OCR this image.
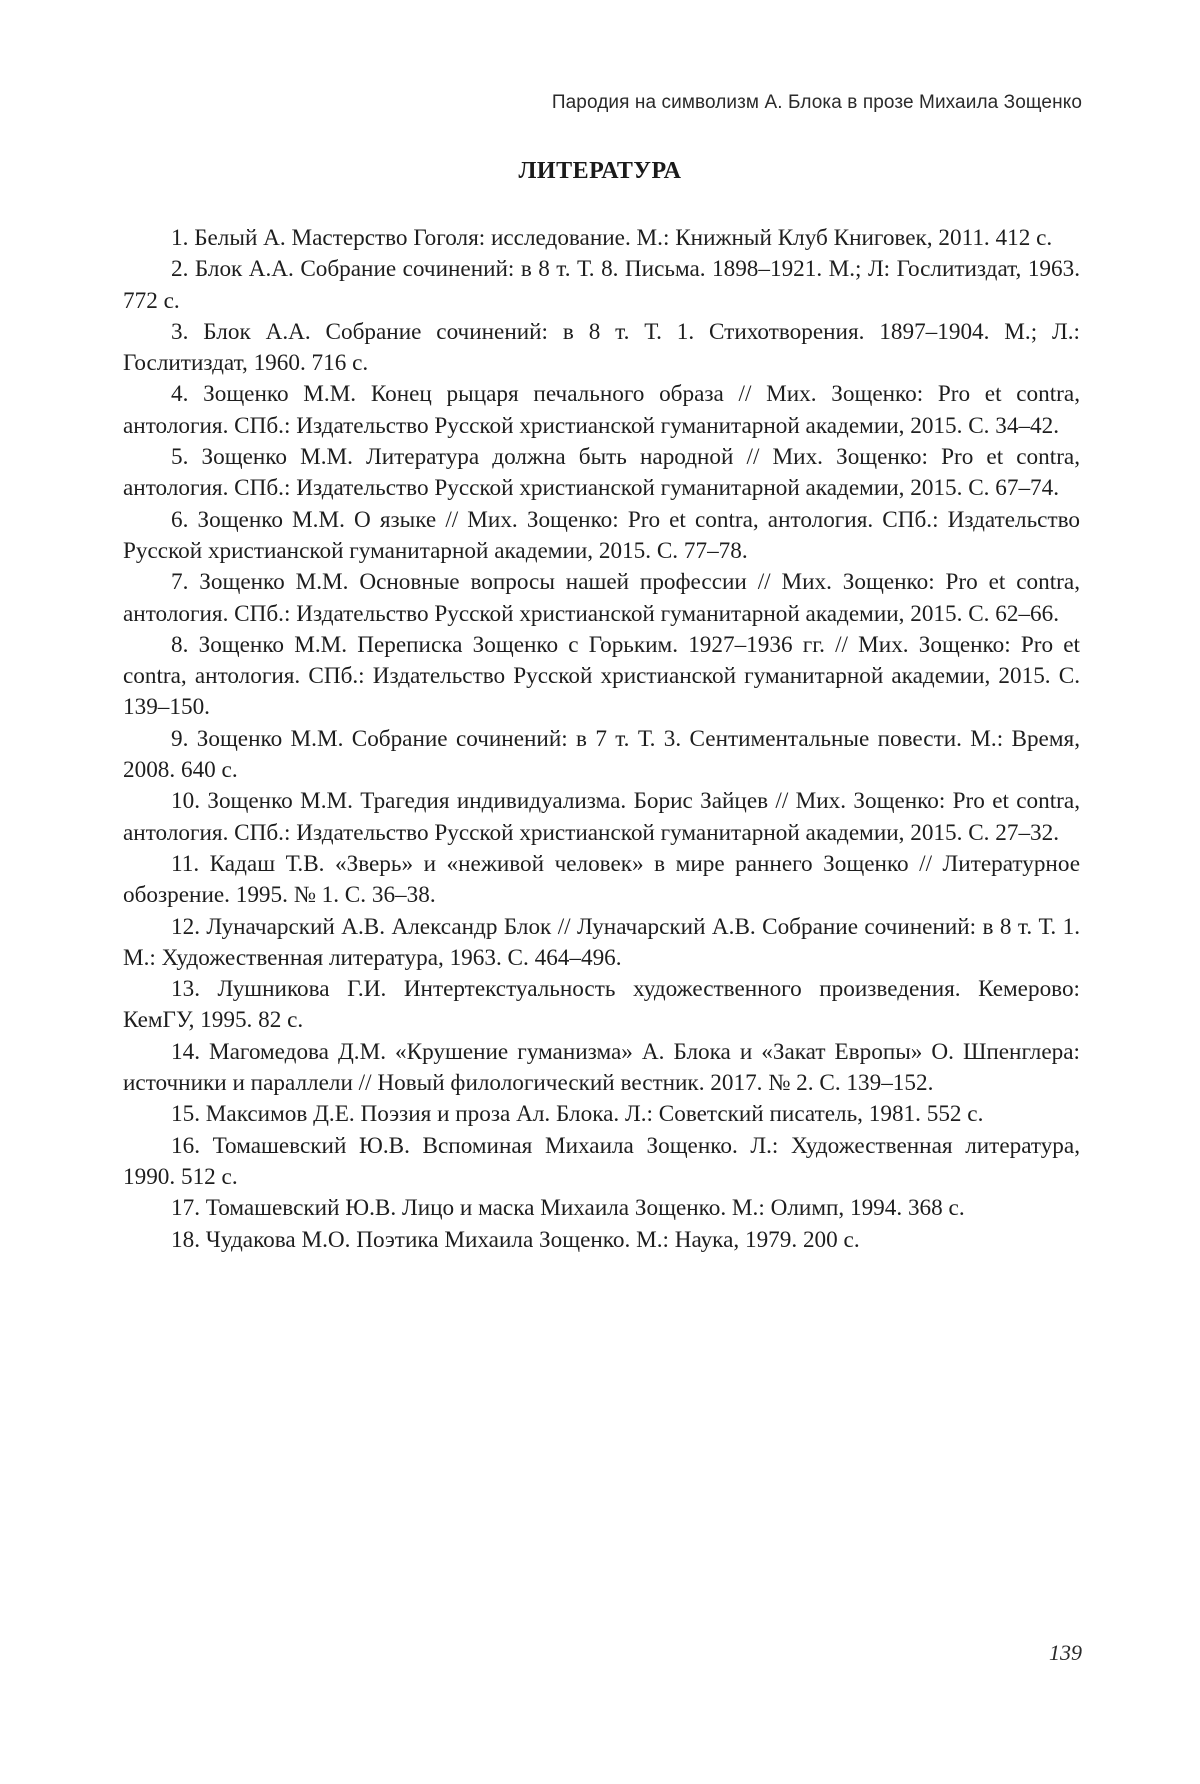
Пародия на символизм А. Блока в прозе Михаила Зощенко
ЛИТЕРАТУРА
1. Белый А. Мастерство Гоголя: исследование. М.: Книжный Клуб Книговек, 2011. 412 с.
2. Блок А.А. Собрание сочинений: в 8 т. Т. 8. Письма. 1898–1921. М.; Л: Гослитиздат, 1963. 772 с.
3. Блок А.А. Собрание сочинений: в 8 т. Т. 1. Стихотворения. 1897–1904. М.; Л.: Гослитиздат, 1960. 716 с.
4. Зощенко М.М. Конец рыцаря печального образа // Мих. Зощенко: Pro et contra, антология. СПб.: Издательство Русской христианской гуманитарной академии, 2015. С. 34–42.
5. Зощенко М.М. Литература должна быть народной // Мих. Зощенко: Pro et contra, антология. СПб.: Издательство Русской христианской гуманитарной академии, 2015. С. 67–74.
6. Зощенко М.М. О языке // Мих. Зощенко: Pro et contra, антология. СПб.: Издательство Русской христианской гуманитарной академии, 2015. С. 77–78.
7. Зощенко М.М. Основные вопросы нашей профессии // Мих. Зощенко: Pro et contra, антология. СПб.: Издательство Русской христианской гуманитарной академии, 2015. С. 62–66.
8. Зощенко М.М. Переписка Зощенко с Горьким. 1927–1936 гг. // Мих. Зощенко: Pro et contra, антология. СПб.: Издательство Русской христианской гуманитарной академии, 2015. С. 139–150.
9. Зощенко М.М. Собрание сочинений: в 7 т. Т. 3. Сентиментальные повести. М.: Время, 2008. 640 с.
10. Зощенко М.М. Трагедия индивидуализма. Борис Зайцев // Мих. Зощенко: Pro et contra, антология. СПб.: Издательство Русской христианской гуманитарной академии, 2015. С. 27–32.
11. Кадаш Т.В. «Зверь» и «неживой человек» в мире раннего Зощенко // Литературное обозрение. 1995. № 1. С. 36–38.
12. Луначарский А.В. Александр Блок // Луначарский А.В. Собрание сочинений: в 8 т. Т. 1. М.: Художественная литература, 1963. С. 464–496.
13. Лушникова Г.И. Интертекстуальность художественного произведения. Кемерово: КемГУ, 1995. 82 с.
14. Магомедова Д.М. «Крушение гуманизма» А. Блока и «Закат Европы» О. Шпенглера: источники и параллели // Новый филологический вестник. 2017. № 2. С. 139–152.
15. Максимов Д.Е. Поэзия и проза Ал. Блока. Л.: Советский писатель, 1981. 552 с.
16. Томашевский Ю.В. Вспоминая Михаила Зощенко. Л.: Художественная литература, 1990. 512 с.
17. Томашевский Ю.В. Лицо и маска Михаила Зощенко. М.: Олимп, 1994. 368 с.
18. Чудакова М.О. Поэтика Михаила Зощенко. М.: Наука, 1979. 200 с.
139
